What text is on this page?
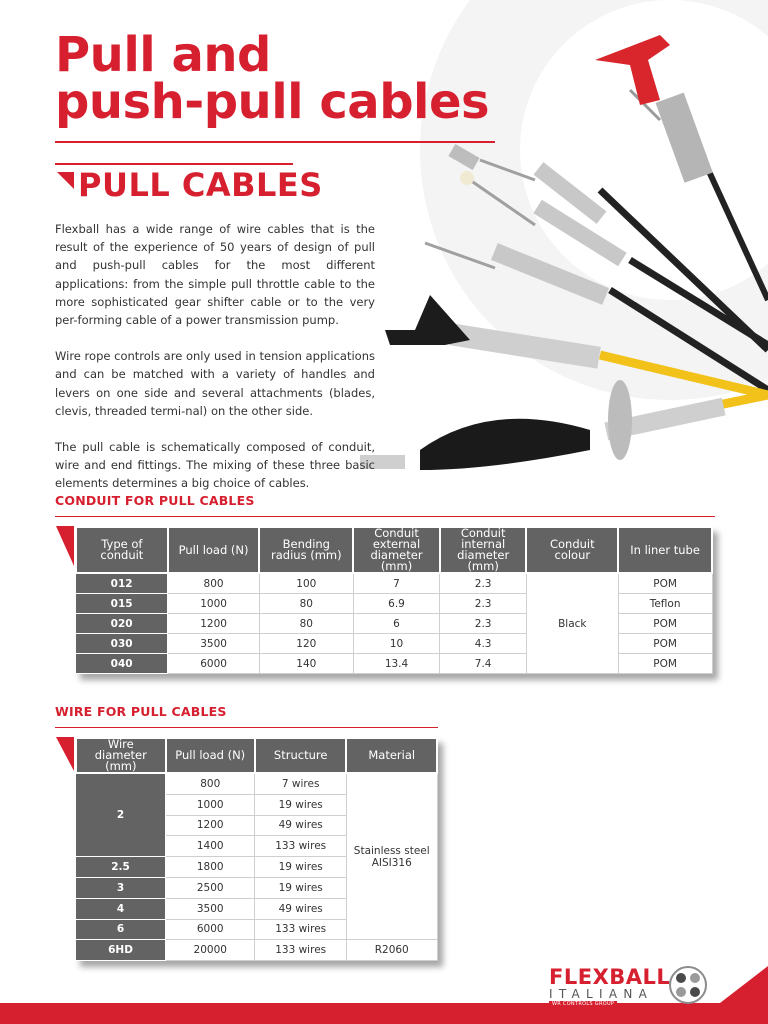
Pull and
push-pull cables
PULL CABLES

Flexball has a wide range of wire cables that is the result of the experience of 50 years of design of pull and push-pull cables for the most different applications: from the simple pull throttle cable to the more sophisticated gear shifter cable or to the very per-forming cable of a power transmission pump.

Wire rope controls are only used in tension applications and can be matched with a variety of handles and levers on one side and several attachments (blades, clevis, threaded termi-nal) on the other side.

The pull cable is schematically composed of conduit, wire and end fittings. The mixing of these three basic elements determines a big choice of cables.

CONDUIT FOR PULL CABLES
Type of conduit	Pull load (N)	Bending radius (mm)	Conduit external diameter (mm)	Conduit internal diameter (mm)	Conduit colour	In liner tube
012	800	100	7	2.3	Black	POM
015	1000	80	6.9	2.3		Teflon
020	1200	80	6	2.3		POM
030	3500	120	10	4.3		POM
040	6000	140	13.4	7.4		POM
WIRE FOR PULL CABLES
Wire diameter (mm)	Pull load (N)	Structure	Material
2	800	7 wires	Stainless steel
AISI316
	1000	19 wires	
	1200	49 wires	
	1400	133 wires	
2.5	1800	19 wires	
3	2500	19 wires	
4	3500	49 wires	
6	6000	133 wires	
6HD	20000	133 wires	R2060

FLEXBALL

ITALIANA

WR CONTROLS GROUP
